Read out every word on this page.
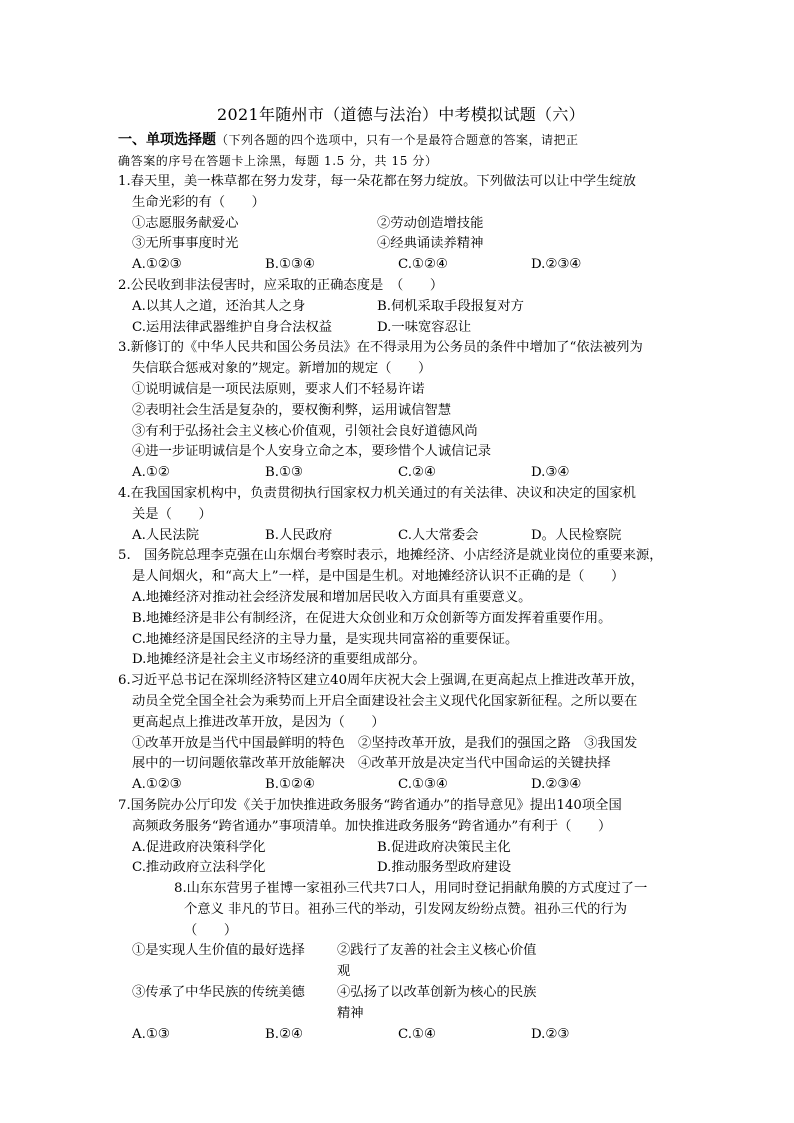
2021年随州市（道德与法治）中考模拟试题（六）
一、单项选择题（下列各题的四个选项中，只有一个是最符合题意的答案，请把正
确答案的序号在答题卡上涂黑，每题 1.5 分，共 15 分）
1.春天里，美一株草都在努力发芽，每一朵花都在努力绽放。下列做法可以让中学生绽放
生命光彩的有（　　）
①志愿服务献爱心	②劳动创造增技能
③无所事事度时光	④经典诵读养精神
A.①②③	B.①③④	C.①②④	D.②③④
2.公民收到非法侵害时，应采取的正确态度是　（　　）
A.以其人之道，还治其人之身	B.伺机采取手段报复对方
C.运用法律武器维护自身合法权益	D.一味宽容忍让
3.新修订的《中华人民共和国公务员法》在不得录用为公务员的条件中增加了“依法被列为
失信联合惩戒对象的”规定。新增加的规定（　　）
①说明诚信是一项民法原则，要求人们不轻易许诺
②表明社会生活是复杂的，要权衡利弊，运用诚信智慧
③有利于弘扬社会主义核心价值观，引领社会良好道德风尚
④进一步证明诚信是个人安身立命之本，要珍惜个人诚信记录
A.①②	B.①③	C.②④	D.③④
4.在我国国家机构中，负责贯彻执行国家权力机关通过的有关法律、决议和决定的国家机
关是（　　）
A.人民法院	B.人民政府	C.人大常委会	D。人民检察院
5.　国务院总理李克强在山东烟台考察时表示，地摊经济、小店经济是就业岗位的重要来源，
是人间烟火，和“高大上”一样，是中国是生机。对地摊经济认识不正确的是（　　）
A.地摊经济对推动社会经济发展和增加居民收入方面具有重要意义。
B.地摊经济是非公有制经济，在促进大众创业和万众创新等方面发挥着重要作用。
C.地摊经济是国民经济的主导力量，是实现共同富裕的重要保证。
D.地摊经济是社会主义市场经济的重要组成部分。
6.习近平总书记在深圳经济特区建立40周年庆祝大会上强调,在更高起点上推进改革开放，
动员全党全国全社会为乘势而上开启全面建设社会主义现代化国家新征程。之所以要在
更高起点上推进改革开放，是因为（　　）
①改革开放是当代中国最鲜明的特色　②坚持改革开放，是我们的强国之路　③我国发
展中的一切问题依靠改革开放能解决　④改革开放是决定当代中国命运的关键抉择
A.①②③	B.①②④	C.①③④	D.②③④
7.国务院办公厅印发《关于加快推进政务服务“跨省通办”的指导意见》提出140项全国
高频政务服务“跨省通办”事项清单。加快推进政务服务“跨省通办”有利于（　　）
A.促进政府决策科学化	B.促进政府决策民主化
C.推动政府立法科学化	D.推动服务型政府建设
8.山东东营男子崔博一家祖孙三代共7口人，用同时登记捐献角膜的方式度过了一
个意义 非凡的节日。祖孙三代的举动，引发网友纷纷点赞。祖孙三代的行为
（　　）
①是实现人生价值的最好选择	②践行了友善的社会主义核心价值观
③传承了中华民族的传统美德	④弘扬了以改革创新为核心的民族精神
A.①③	B.②④	C.①④	D.②③
